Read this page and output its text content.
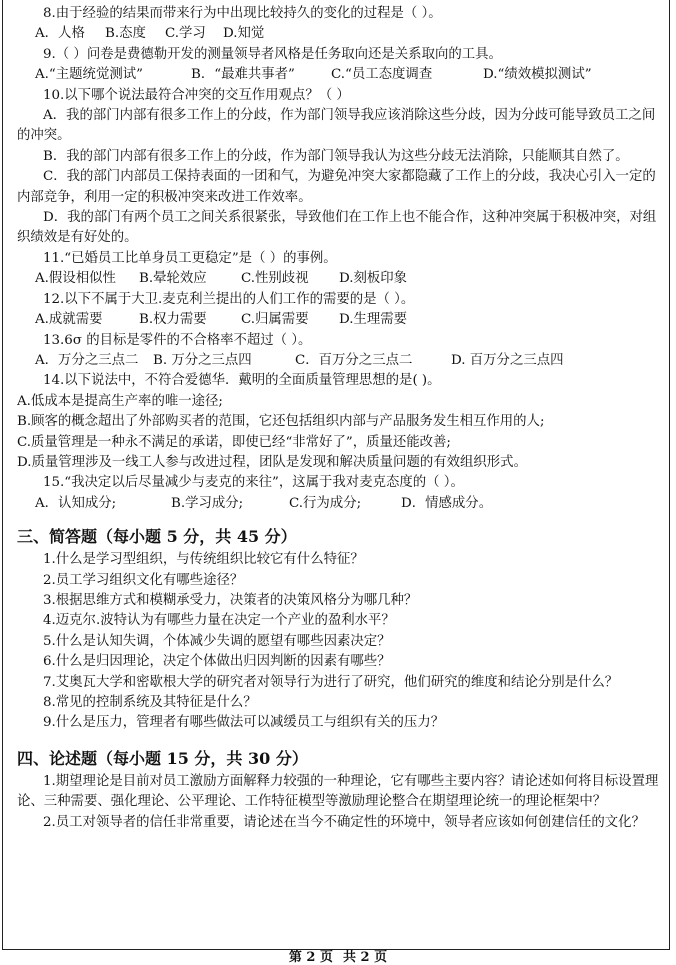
8.由于经验的结果而带来行为中出现比较持久的变化的过程是（ ）。
A．人格 B.态度 C.学习 D.知觉
9.（ ）问卷是费德勒开发的测量领导者风格是任务取向还是关系取向的工具。
A.“主题统觉测试”	B．“最难共事者”	C.“员工态度调查	D.“绩效模拟测试”
10.以下哪个说法最符合冲突的交互作用观点？（ ）
A．我的部门内部有很多工作上的分歧，作为部门领导我应该消除这些分歧，因为分歧可能导致员工之间的冲突。
B．我的部门内部有很多工作上的分歧，作为部门领导我认为这些分歧无法消除，只能顺其自然了。
C．我的部门内部员工保持表面的一团和气，为避免冲突大家都隐藏了工作上的分歧，我决心引入一定的内部竞争，利用一定的积极冲突来改进工作效率。
D．我的部门有两个员工之间关系很紧张，导致他们在工作上也不能合作，这种冲突属于积极冲突，对组织绩效是有好处的。
11.“已婚员工比单身员工更稳定”是（ ）的事例。
A.假设相似性 B.晕轮效应	C.性别歧视 D.刻板印象
12.以下不属于大卫.麦克利兰提出的人们工作的需要的是（ ）。
A.成就需要	B.权力需要	C.归属需要 D.生理需要
13.6σ 的目标是零件的不合格率不超过（ ）。
A．万分之三点二 B. 万分之三点四	C．百万分之三点二	D. 百万分之三点四
14.以下说法中，不符合爱德华．戴明的全面质量管理思想的是( )。
A.低成本是提高生产率的唯一途径;
B.顾客的概念超出了外部购买者的范围，它还包括组织内部与产品服务发生相互作用的人;
C.质量管理是一种永不满足的承诺，即使已经“非常好了”，质量还能改善;
D.质量管理涉及一线工人参与改进过程，团队是发现和解决质量问题的有效组织形式。
15.“我决定以后尽量减少与麦克的来往”，这属于我对麦克态度的（ ）。
A．认知成分;	B.学习成分;	C.行为成分;	D．情感成分。
三、简答题（每小题 5 分，共 45 分）
1.什么是学习型组织，与传统组织比较它有什么特征？
2.员工学习组织文化有哪些途径？
3.根据思维方式和模糊承受力，决策者的决策风格分为哪几种？
4.迈克尔.波特认为有哪些力量在决定一个产业的盈利水平？
5.什么是认知失调，个体减少失调的愿望有哪些因素决定？
6.什么是归因理论，决定个体做出归因判断的因素有哪些？
7.艾奥瓦大学和密歇根大学的研究者对领导行为进行了研究，他们研究的维度和结论分别是什么？
8.常见的控制系统及其特征是什么？
9.什么是压力，管理者有哪些做法可以减缓员工与组织有关的压力？
四、论述题（每小题 15 分，共 30 分）
1.期望理论是目前对员工激励方面解释力较强的一种理论，它有哪些主要内容？请论述如何将目标设置理论、三种需要、强化理论、公平理论、工作特征模型等激励理论整合在期望理论统一的理论框架中？
2.员工对领导者的信任非常重要，请论述在当今不确定性的环境中，领导者应该如何创建信任的文化？
第 2 页 共 2 页
